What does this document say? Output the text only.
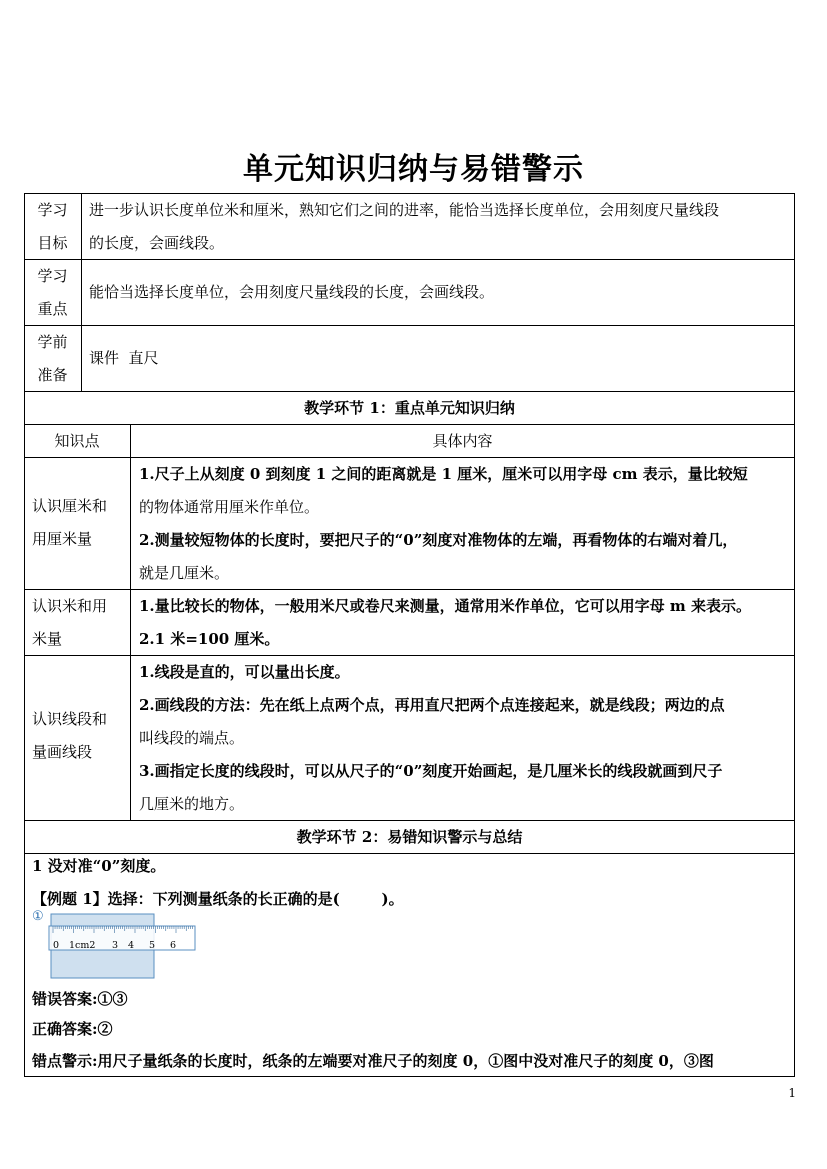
单元知识归纳与易错警示
学习
目标
进一步认识长度单位米和厘米，熟知它们之间的进率，能恰当选择长度单位，会用刻度尺量线段
的长度，会画线段。
学习
重点
能恰当选择长度单位，会用刻度尺量线段的长度，会画线段。
学前
准备
课件  直尺
教学环节 1：重点单元知识归纳
知识点	具体内容
认识厘米和
用厘米量
1.尺子上从刻度 0 到刻度 1 之间的距离就是 1 厘米，厘米可以用字母 cm 表示，量比较短
的物体通常用厘米作单位。
2.测量较短物体的长度时，要把尺子的“0”刻度对准物体的左端，再看物体的右端对着几，
就是几厘米。
认识米和用
米量
1.量比较长的物体，一般用米尺或卷尺来测量，通常用米作单位，它可以用字母 m 来表示。
2.1 米=100 厘米。
认识线段和
量画线段
1.线段是直的，可以量出长度。
2.画线段的方法：先在纸上点两个点，再用直尺把两个点连接起来，就是线段；两边的点
叫线段的端点。
3.画指定长度的线段时，可以从尺子的“0”刻度开始画起，是几厘米长的线段就画到尺子
几厘米的地方。
教学环节 2：易错知识警示与总结
1 没对准“0”刻度。
【例题 1】选择：下列测量纸条的长正确的是(        )。
①
0 1cm2 3 4 5 6
错误答案:①③
正确答案:②
错点警示:用尺子量纸条的长度时，纸条的左端要对准尺子的刻度 0，①图中没对准尺子的刻度 0，③图
1
